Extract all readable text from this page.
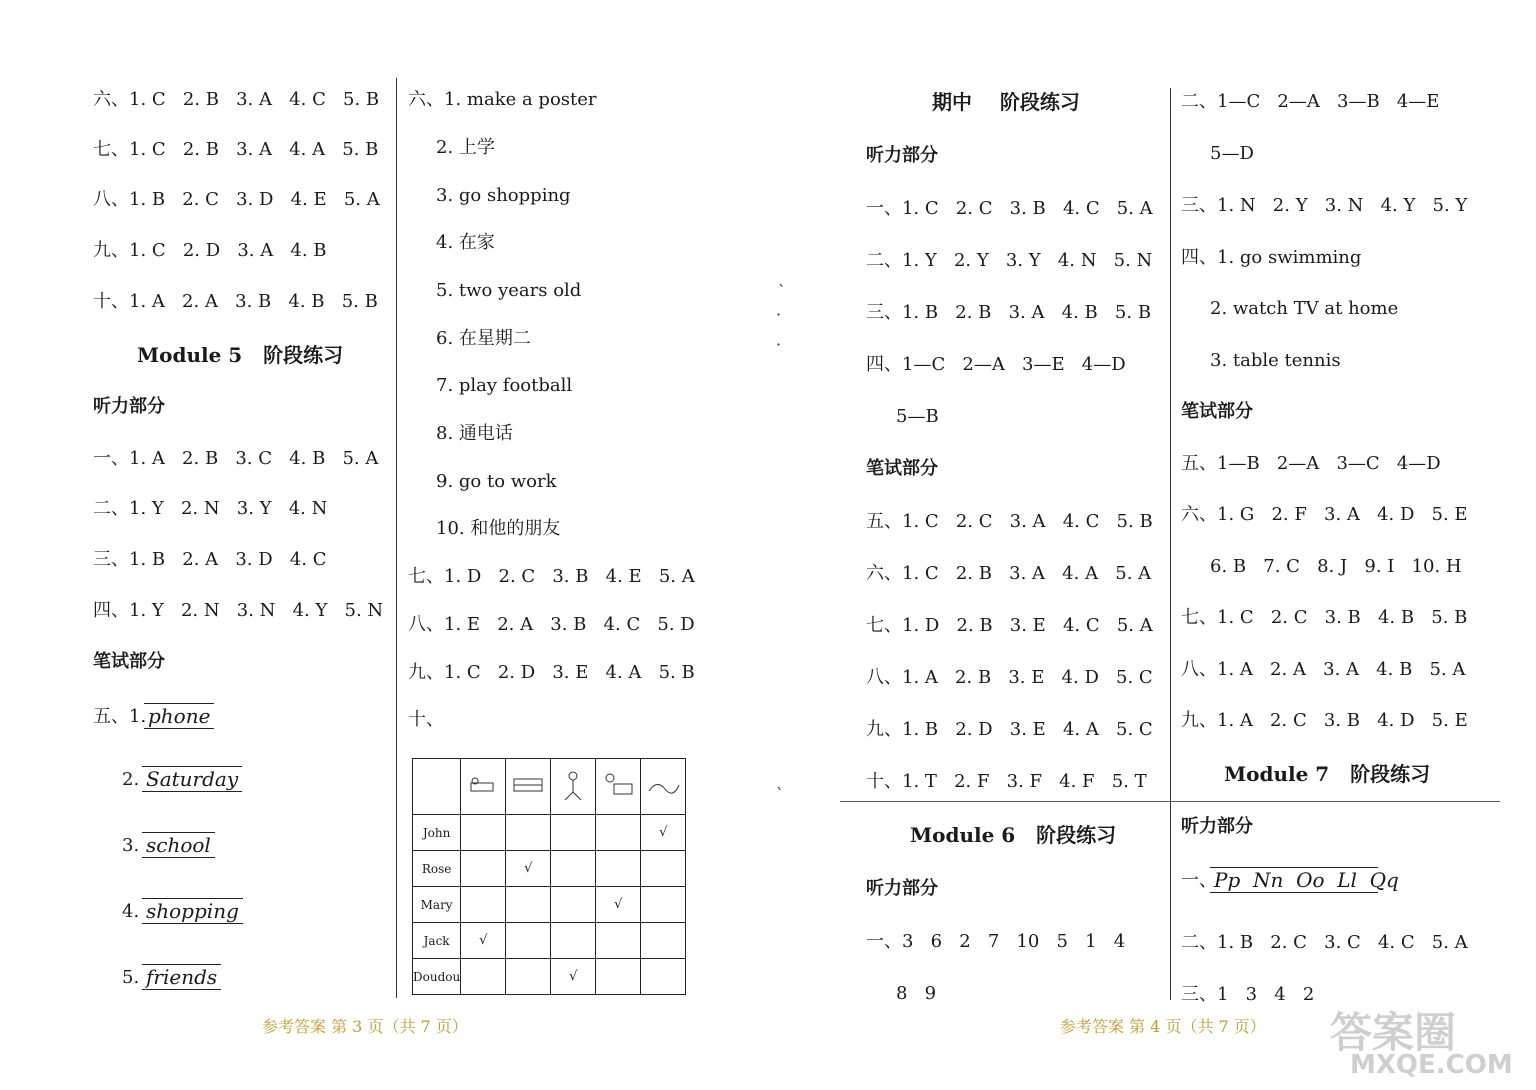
六、1. C   2. B   3. A   4. C   5. B
七、1. C   2. B   3. A   4. A   5. B
八、1. B   2. C   3. D   4. E   5. A
九、1. C   2. D   3. A   4. B
十、1. A   2. A   3. B   4. B   5. B
Module 5   阶段练习
听力部分
一、1. A   2. B   3. C   4. B   5. A
二、1. Y   2. N   3. Y   4. N
三、1. B   2. A   3. D   4. C
四、1. Y   2. N   3. N   4. Y   5. N
笔试部分
五、1. phone
2. Saturday
3. school
4. shopping
5. friends
六、1. make a poster
2. 上学
3. go shopping
4. 在家
5. two years old
6. 在星期二
7. play football
8. 通电话
9. go to work
10. 和他的朋友
七、1. D   2. C   3. B   4. E   5. A
八、1. E   2. A   3. B   4. C   5. D
九、1. C   2. D   3. E   4. A   5. B
十、

John					√
Rose		√			
Mary				√	
Jack	√				
Doudou			√		
参考答案 第 3 页（共 7 页）
期中    阶段练习
听力部分
一、1. C   2. C   3. B   4. C   5. A
二、1. Y   2. Y   3. Y   4. N   5. N
三、1. B   2. B   3. A   4. B   5. B
四、1—C   2—A   3—E   4—D
5—B
笔试部分
五、1. C   2. C   3. A   4. C   5. B
六、1. C   2. B   3. A   4. A   5. A
七、1. D   2. B   3. E   4. C   5. A
八、1. A   2. B   3. E   4. D   5. C
九、1. B   2. D   3. E   4. A   5. C
十、1. T   2. F   3. F   4. F   5. T
Module 6   阶段练习
听力部分
一、3   6   2   7   10   5   1   4
8   9
ˋ
·
·
ˋ
二、1—C   2—A   3—B   4—E
5—D
三、1. N   2. Y   3. N   4. Y   5. Y
四、1. go swimming
2. watch TV at home
3. table tennis
笔试部分
五、1—B   2—A   3—C   4—D
六、1. G   2. F   3. A   4. D   5. E
6. B   7. C   8. J   9. I   10. H
七、1. C   2. C   3. B   4. B   5. B
八、1. A   2. A   3. A   4. B   5. A
九、1. A   2. C   3. B   4. D   5. E
Module 7   阶段练习
听力部分
一、
Pp  Nn  Oo  Ll  Qq
二、1. B   2. C   3. C   4. C   5. A
三、1   3   4   2
参考答案 第 4 页（共 7 页） 答案圈
MXQE.COM
